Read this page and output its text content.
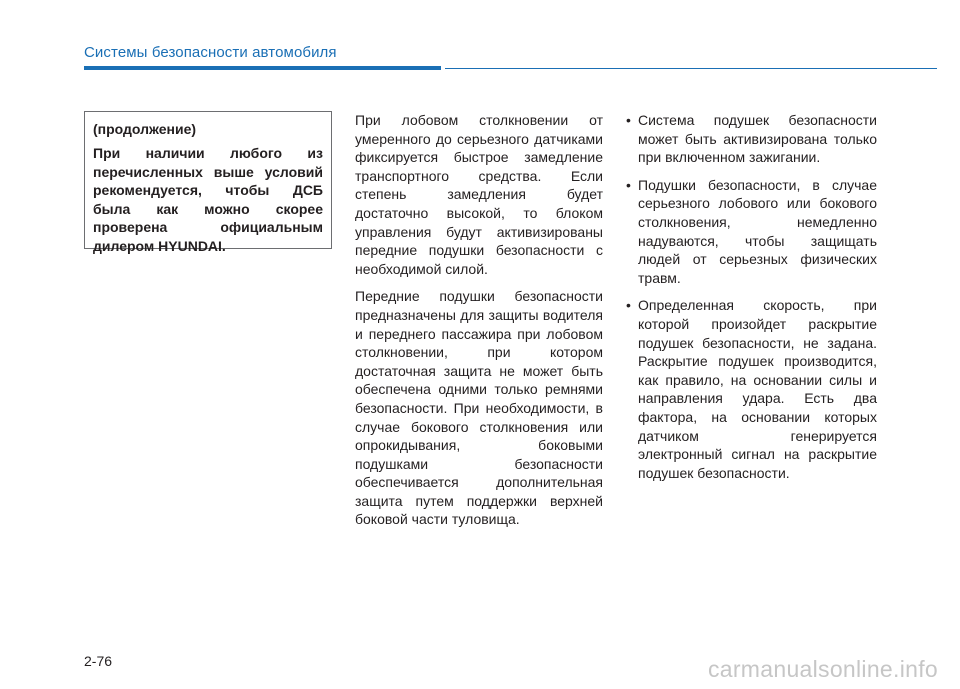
Системы безопасности автомобиля
(продолжение)
При наличии любого из перечисленных выше условий рекомендуется, чтобы ДСБ была как можно скорее проверена официальным дилером HYUNDAI.

При лобовом столкновении от умеренного до серьезного датчиками фиксируется быстрое замедление транспортного средства. Если степень замедления будет достаточно высокой, то блоком управления будут активизированы передние подушки безопасности с необходимой силой.

Передние подушки безопасности предназначены для защиты водителя и переднего пассажира при лобовом столкновении, при котором достаточная защита не может быть обеспечена одними только ремнями безопасности. При необходимости, в случае бокового столкновения или опрокидывания, боковыми подушками безопасности обеспечивается дополнительная защита путем поддержки верхней боковой части туловища.

• Система подушек безопасности может быть активизирована только при включенном зажигании.
• Подушки безопасности, в случае серьезного лобового или бокового столкновения, немедленно надуваются, чтобы защищать людей от серьезных физических травм.
• Определенная скорость, при которой произойдет раскрытие подушек безопасности, не задана. Раскрытие подушек производится, как правило, на основании силы и направления удара. Есть два фактора, на основании которых датчиком генерируется электронный сигнал на раскрытие подушек безопасности.
2-76	carmanualsonline.info
